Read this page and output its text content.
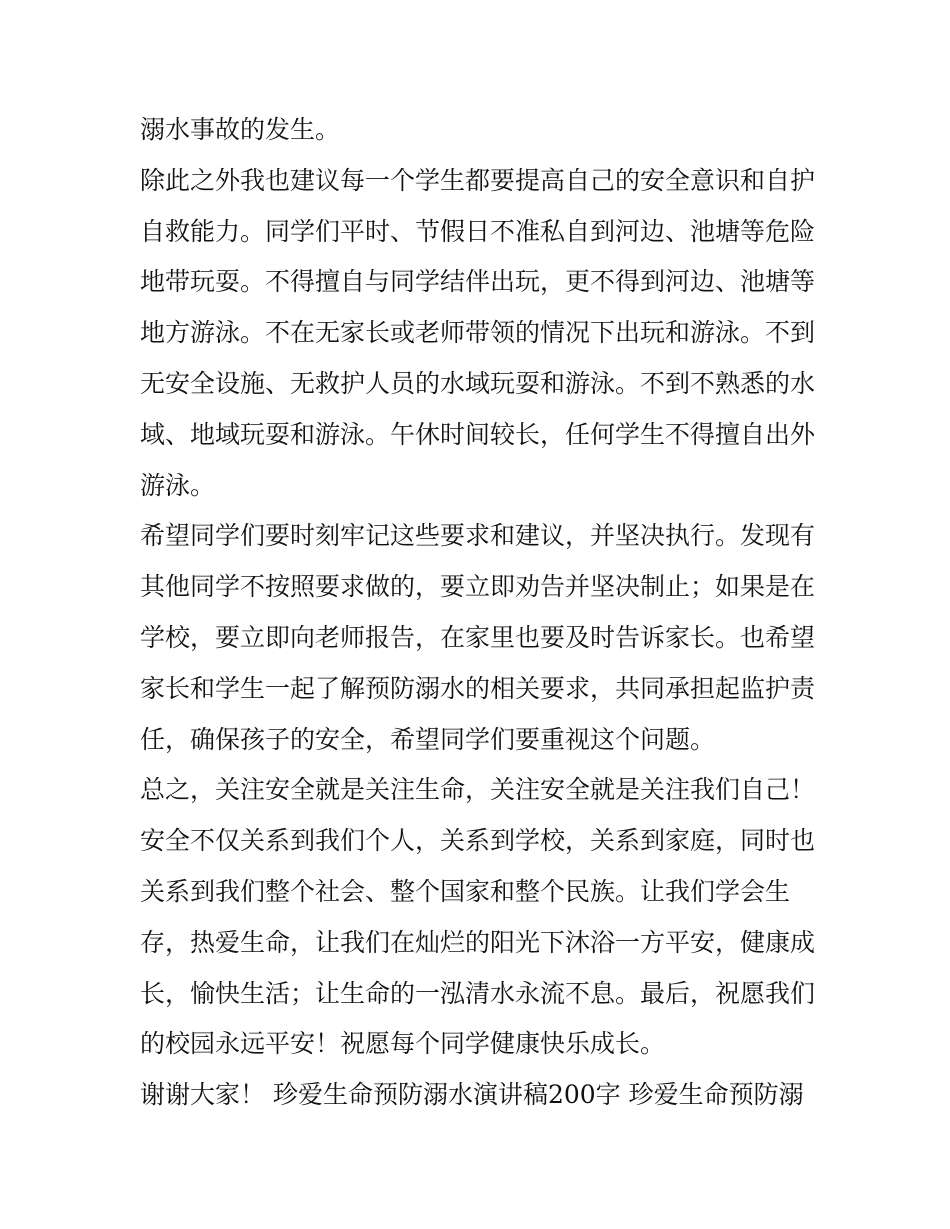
溺水事故的发生。
除此之外我也建议每一个学生都要提高自己的安全意识和自护
自救能力。同学们平时、节假日不准私自到河边、池塘等危险
地带玩耍。不得擅自与同学结伴出玩，更不得到河边、池塘等
地方游泳。不在无家长或老师带领的情况下出玩和游泳。不到
无安全设施、无救护人员的水域玩耍和游泳。不到不熟悉的水
域、地域玩耍和游泳。午休时间较长，任何学生不得擅自出外
游泳。
希望同学们要时刻牢记这些要求和建议，并坚决执行。发现有
其他同学不按照要求做的，要立即劝告并坚决制止；如果是在
学校，要立即向老师报告，在家里也要及时告诉家长。也希望
家长和学生一起了解预防溺水的相关要求，共同承担起监护责
任，确保孩子的安全，希望同学们要重视这个问题。
总之，关注安全就是关注生命，关注安全就是关注我们自己！
安全不仅关系到我们个人，关系到学校，关系到家庭，同时也
关系到我们整个社会、整个国家和整个民族。让我们学会生
存，热爱生命，让我们在灿烂的阳光下沐浴一方平安，健康成
长，愉快生活；让生命的一泓清水永流不息。最后，祝愿我们
的校园永远平安！祝愿每个同学健康快乐成长。
谢谢大家！ 珍爱生命预防溺水演讲稿200字 珍爱生命预防溺
